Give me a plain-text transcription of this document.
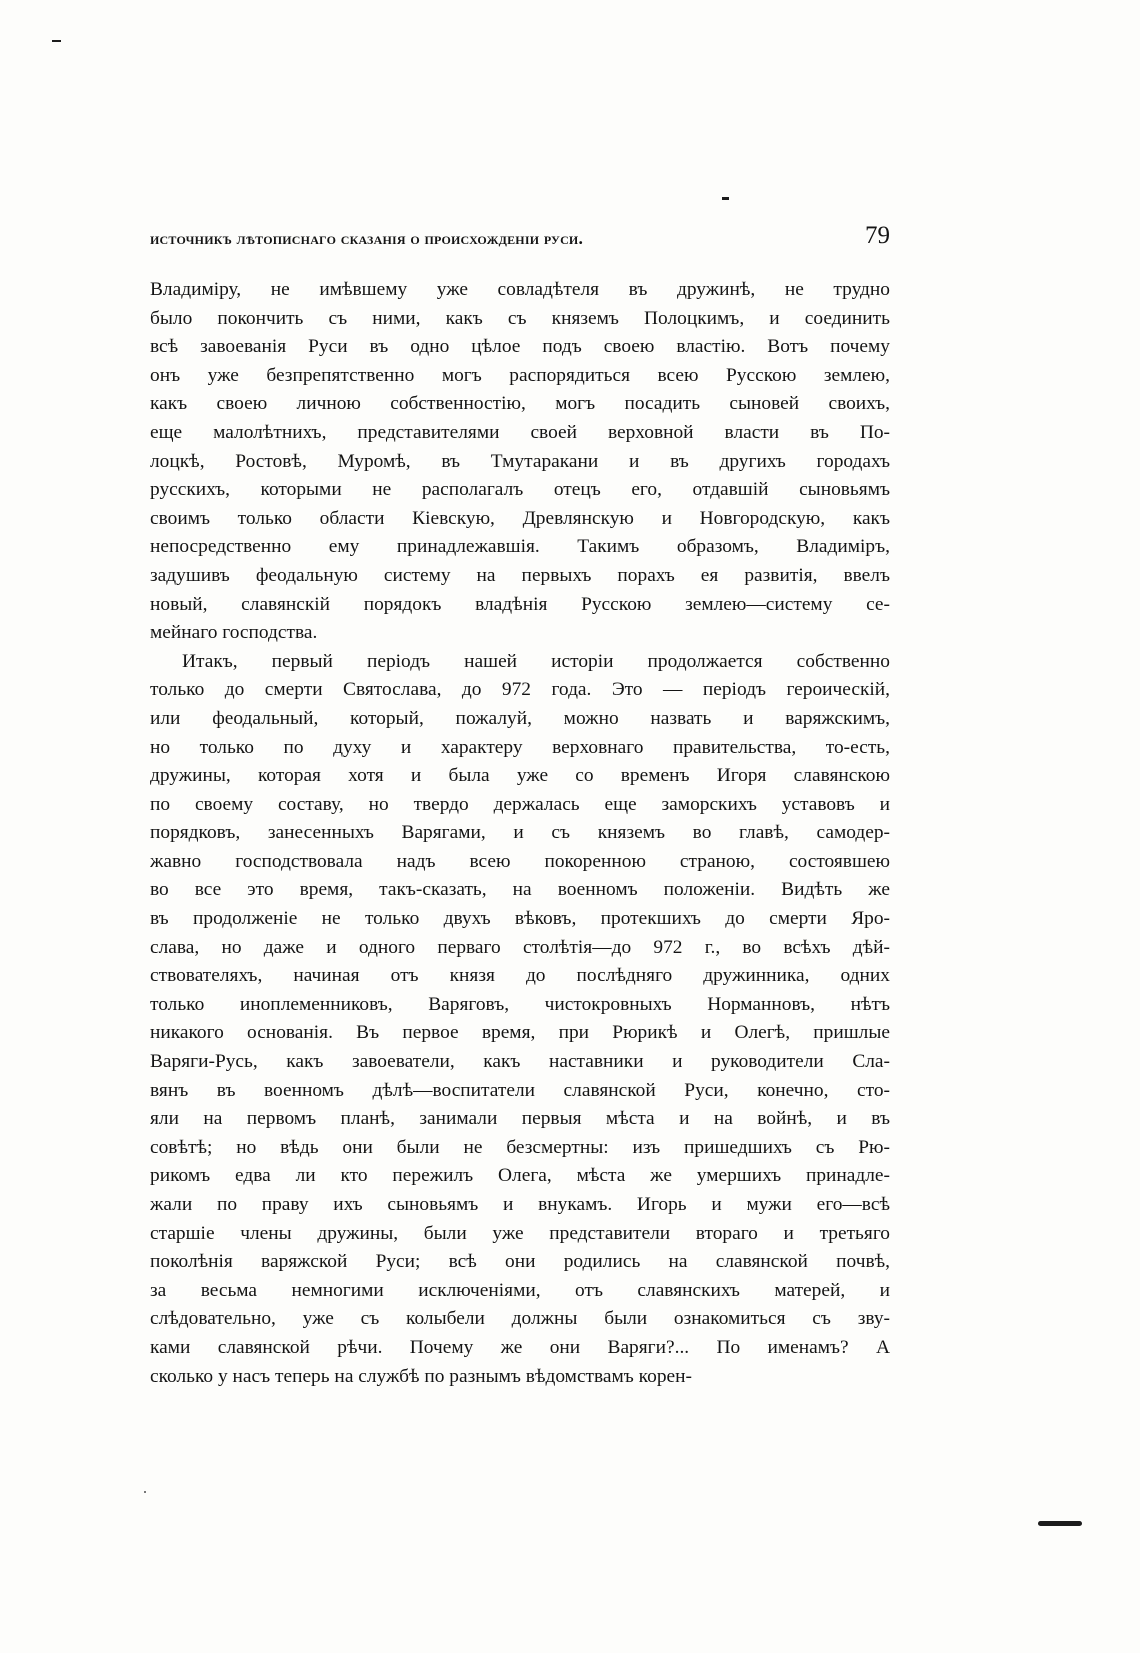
источникъ лѣтописнаго сказанія о происхожденіи руси.	79
Владиміру, не имѣвшему уже совладѣтеля въ дружинѣ, не трудно
было покончить съ ними, какъ съ княземъ Полоцкимъ, и соединить
всѣ завоеванія Руси въ одно цѣлое подъ своею властію. Вотъ почему
онъ уже безпрепятственно могъ распорядиться всею Русскою землею,
какъ своею личною собственностію, могъ посадить сыновей своихъ,
еще малолѣтнихъ, представителями своей верховной власти въ По-
лоцкѣ, Ростовѣ, Муромѣ, въ Тмутаракани и въ другихъ городахъ
русскихъ, которыми не располагалъ отецъ его, отдавшій сыновьямъ
своимъ только области Кіевскую, Древлянскую и Новгородскую, какъ
непосредственно ему принадлежавшія. Такимъ образомъ, Владиміръ,
задушивъ феодальную систему на первыхъ порахъ ея развитія, ввелъ
новый, славянскій порядокъ владѣнія Русскою землею—систему се-
мейнаго господства.
Итакъ, первый періодъ нашей исторіи продолжается собственно
только до смерти Святослава, до 972 года. Это — періодъ героическій,
или феодальный, который, пожалуй, можно назвать и варяжскимъ,
но только по духу и характеру верховнаго правительства, то-есть,
дружины, которая хотя и была уже со временъ Игоря славянскою
по своему составу, но твердо держалась еще заморскихъ уставовъ и
порядковъ, занесенныхъ Варягами, и съ княземъ во главѣ, самодер-
жавно господствовала надъ всею покоренною страною, состоявшею
во все это время, такъ-сказать, на военномъ положеніи. Видѣть же
въ продолженіе не только двухъ вѣковъ, протекшихъ до смерти Яро-
слава, но даже и одного перваго столѣтія—до 972 г., во всѣхъ дѣй-
ствователяхъ, начиная отъ князя до послѣдняго дружинника, одних
только иноплеменниковъ, Варяговъ, чистокровныхъ Норманновъ, нѣтъ
никакого основанія. Въ первое время, при Рюрикѣ и Олегѣ, пришлые
Варяги-Русь, какъ завоеватели, какъ наставники и руководители Сла-
вянъ въ военномъ дѣлѣ—воспитатели славянской Руси, конечно, сто-
яли на первомъ планѣ, занимали первыя мѣста и на войнѣ, и въ
совѣтѣ; но вѣдь они были не безсмертны: изъ пришедшихъ съ Рю-
рикомъ едва ли кто пережилъ Олега, мѣста же умершихъ принадле-
жали по праву ихъ сыновьямъ и внукамъ. Игорь и мужи его—всѣ
старшіе члены дружины, были уже представители втораго и третьяго
поколѣнія варяжской Руси; всѣ они родились на славянской почвѣ,
за весьма немногими исключеніями, отъ славянскихъ матерей, и
слѣдовательно, уже съ колыбели должны были ознакомиться съ зву-
ками славянской рѣчи. Почему же они Варяги?... По именамъ? А
сколько у насъ теперь на службѣ по разнымъ вѣдомствамъ корен-
